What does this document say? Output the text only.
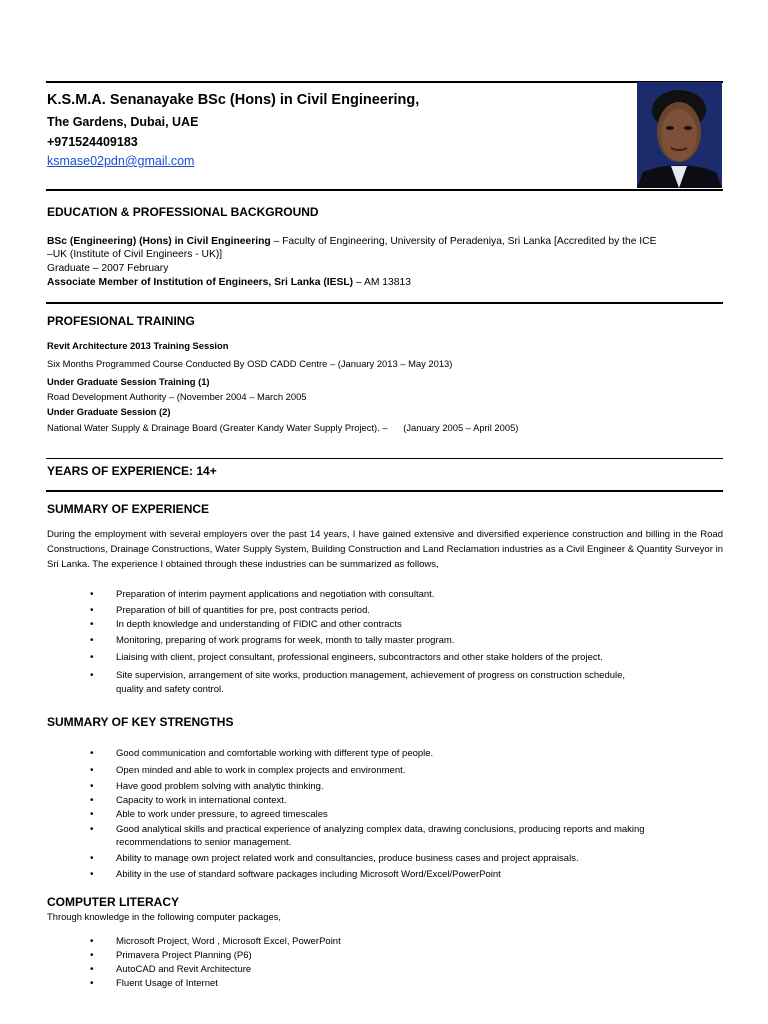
K.S.M.A. Senanayake BSc (Hons) in Civil Engineering,
The Gardens, Dubai, UAE
+971524409183
ksmase02pdn@gmail.com
EDUCATION & PROFESSIONAL BACKGROUND
BSc (Engineering) (Hons) in Civil Engineering – Faculty of Engineering, University of Peradeniya, Sri Lanka [Accredited by the ICE
–UK (Institute of Civil Engineers - UK)]
Graduate – 2007 February
Associate Member of Institution of Engineers, Sri Lanka (IESL) – AM 13813
PROFESIONAL TRAINING
Revit Architecture 2013 Training Session
Six Months Programmed Course Conducted By OSD CADD Centre – (January 2013 – May 2013)
Under Graduate Session Training (1)
Road Development Authority – (November 2004 – March 2005
Under Graduate Session (2)
National Water Supply & Drainage Board (Greater Kandy Water Supply Project). –      (January 2005 – April 2005)
YEARS OF EXPERIENCE: 14+
SUMMARY OF EXPERIENCE
During the employment with several employers over the past 14 years, I have gained extensive and diversified experience construction and billing in the Road Constructions, Drainage Constructions, Water Supply System, Building Construction and Land Reclamation industries as a Civil Engineer & Quantity Surveyor in Sri Lanka. The experience I obtained through these industries can be summarized as follows,
• Preparation of interim payment applications and negotiation with consultant.
• Preparation of bill of quantities for pre, post contracts period.
• In depth knowledge and understanding of FIDIC and other contracts
• Monitoring, preparing of work programs for week, month to tally master program.
• Liaising with client, project consultant, professional engineers, subcontractors and other stake holders of the project.
• Site supervision, arrangement of site works, production management, achievement of progress on construction schedule, quality and safety control.
SUMMARY OF KEY STRENGTHS
• Good communication and comfortable working with different type of people.
• Open minded and able to work in complex projects and environment.
• Have good problem solving with analytic thinking.
• Capacity to work in international context.
• Able to work under pressure, to agreed timescales
• Good analytical skills and practical experience of analyzing complex data, drawing conclusions, producing reports and making recommendations to senior management.
• Ability to manage own project related work and consultancies, produce business cases and project appraisals.
• Ability in the use of standard software packages including Microsoft Word/Excel/PowerPoint
COMPUTER LITERACY
Through knowledge in the following computer packages,
• Microsoft Project, Word , Microsoft Excel, PowerPoint
• Primavera Project Planning (P6)
• AutoCAD and Revit Architecture
• Fluent Usage of Internet
